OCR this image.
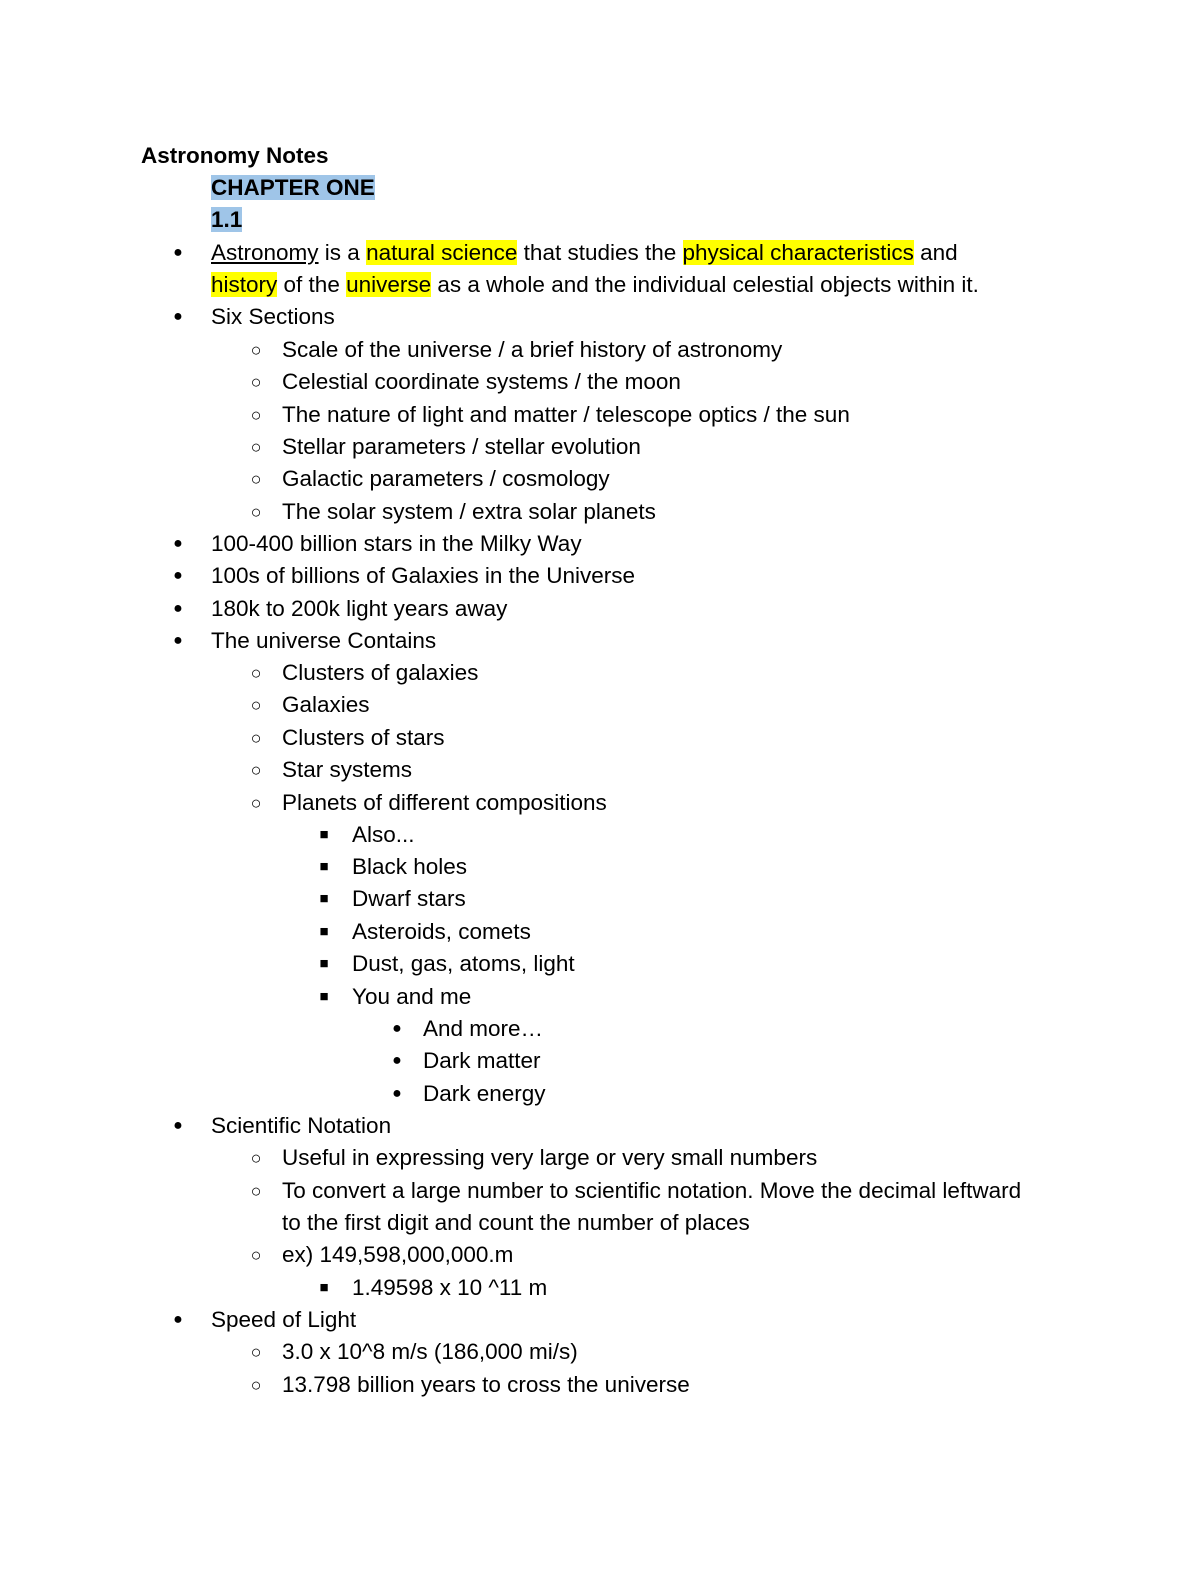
Astronomy Notes
CHAPTER ONE
1.1
●	Astronomy is a natural science that studies the physical characteristics and
history of the universe as a whole and the individual celestial objects within it.
●	Six Sections
○ Scale of the universe / a brief history of astronomy
○ Celestial coordinate systems / the moon
○ The nature of light and matter / telescope optics / the sun
○ Stellar parameters / stellar evolution
○ Galactic parameters / cosmology
○ The solar system / extra solar planets
●	100-400 billion stars in the Milky Way
●	100s of billions of Galaxies in the Universe
●	180k to 200k light years away
●	The universe Contains
○ Clusters of galaxies
○ Galaxies
○ Clusters of stars
○ Star systems
○ Planets of different compositions
■	Also...
■	Black holes
■	Dwarf stars
■	Asteroids, comets
■	Dust, gas, atoms, light
■	You and me
● And more…
● Dark matter
● Dark energy
●	Scientific Notation
○ Useful in expressing very large or very small numbers
○ To convert a large number to scientific notation. Move the decimal leftward
to the first digit and count the number of places
○ ex) 149,598,000,000.m
■	1.49598 x 10 ^11 m
●	Speed of Light
○ 3.0 x 10^8 m/s (186,000 mi/s)
○ 13.798 billion years to cross the universe
